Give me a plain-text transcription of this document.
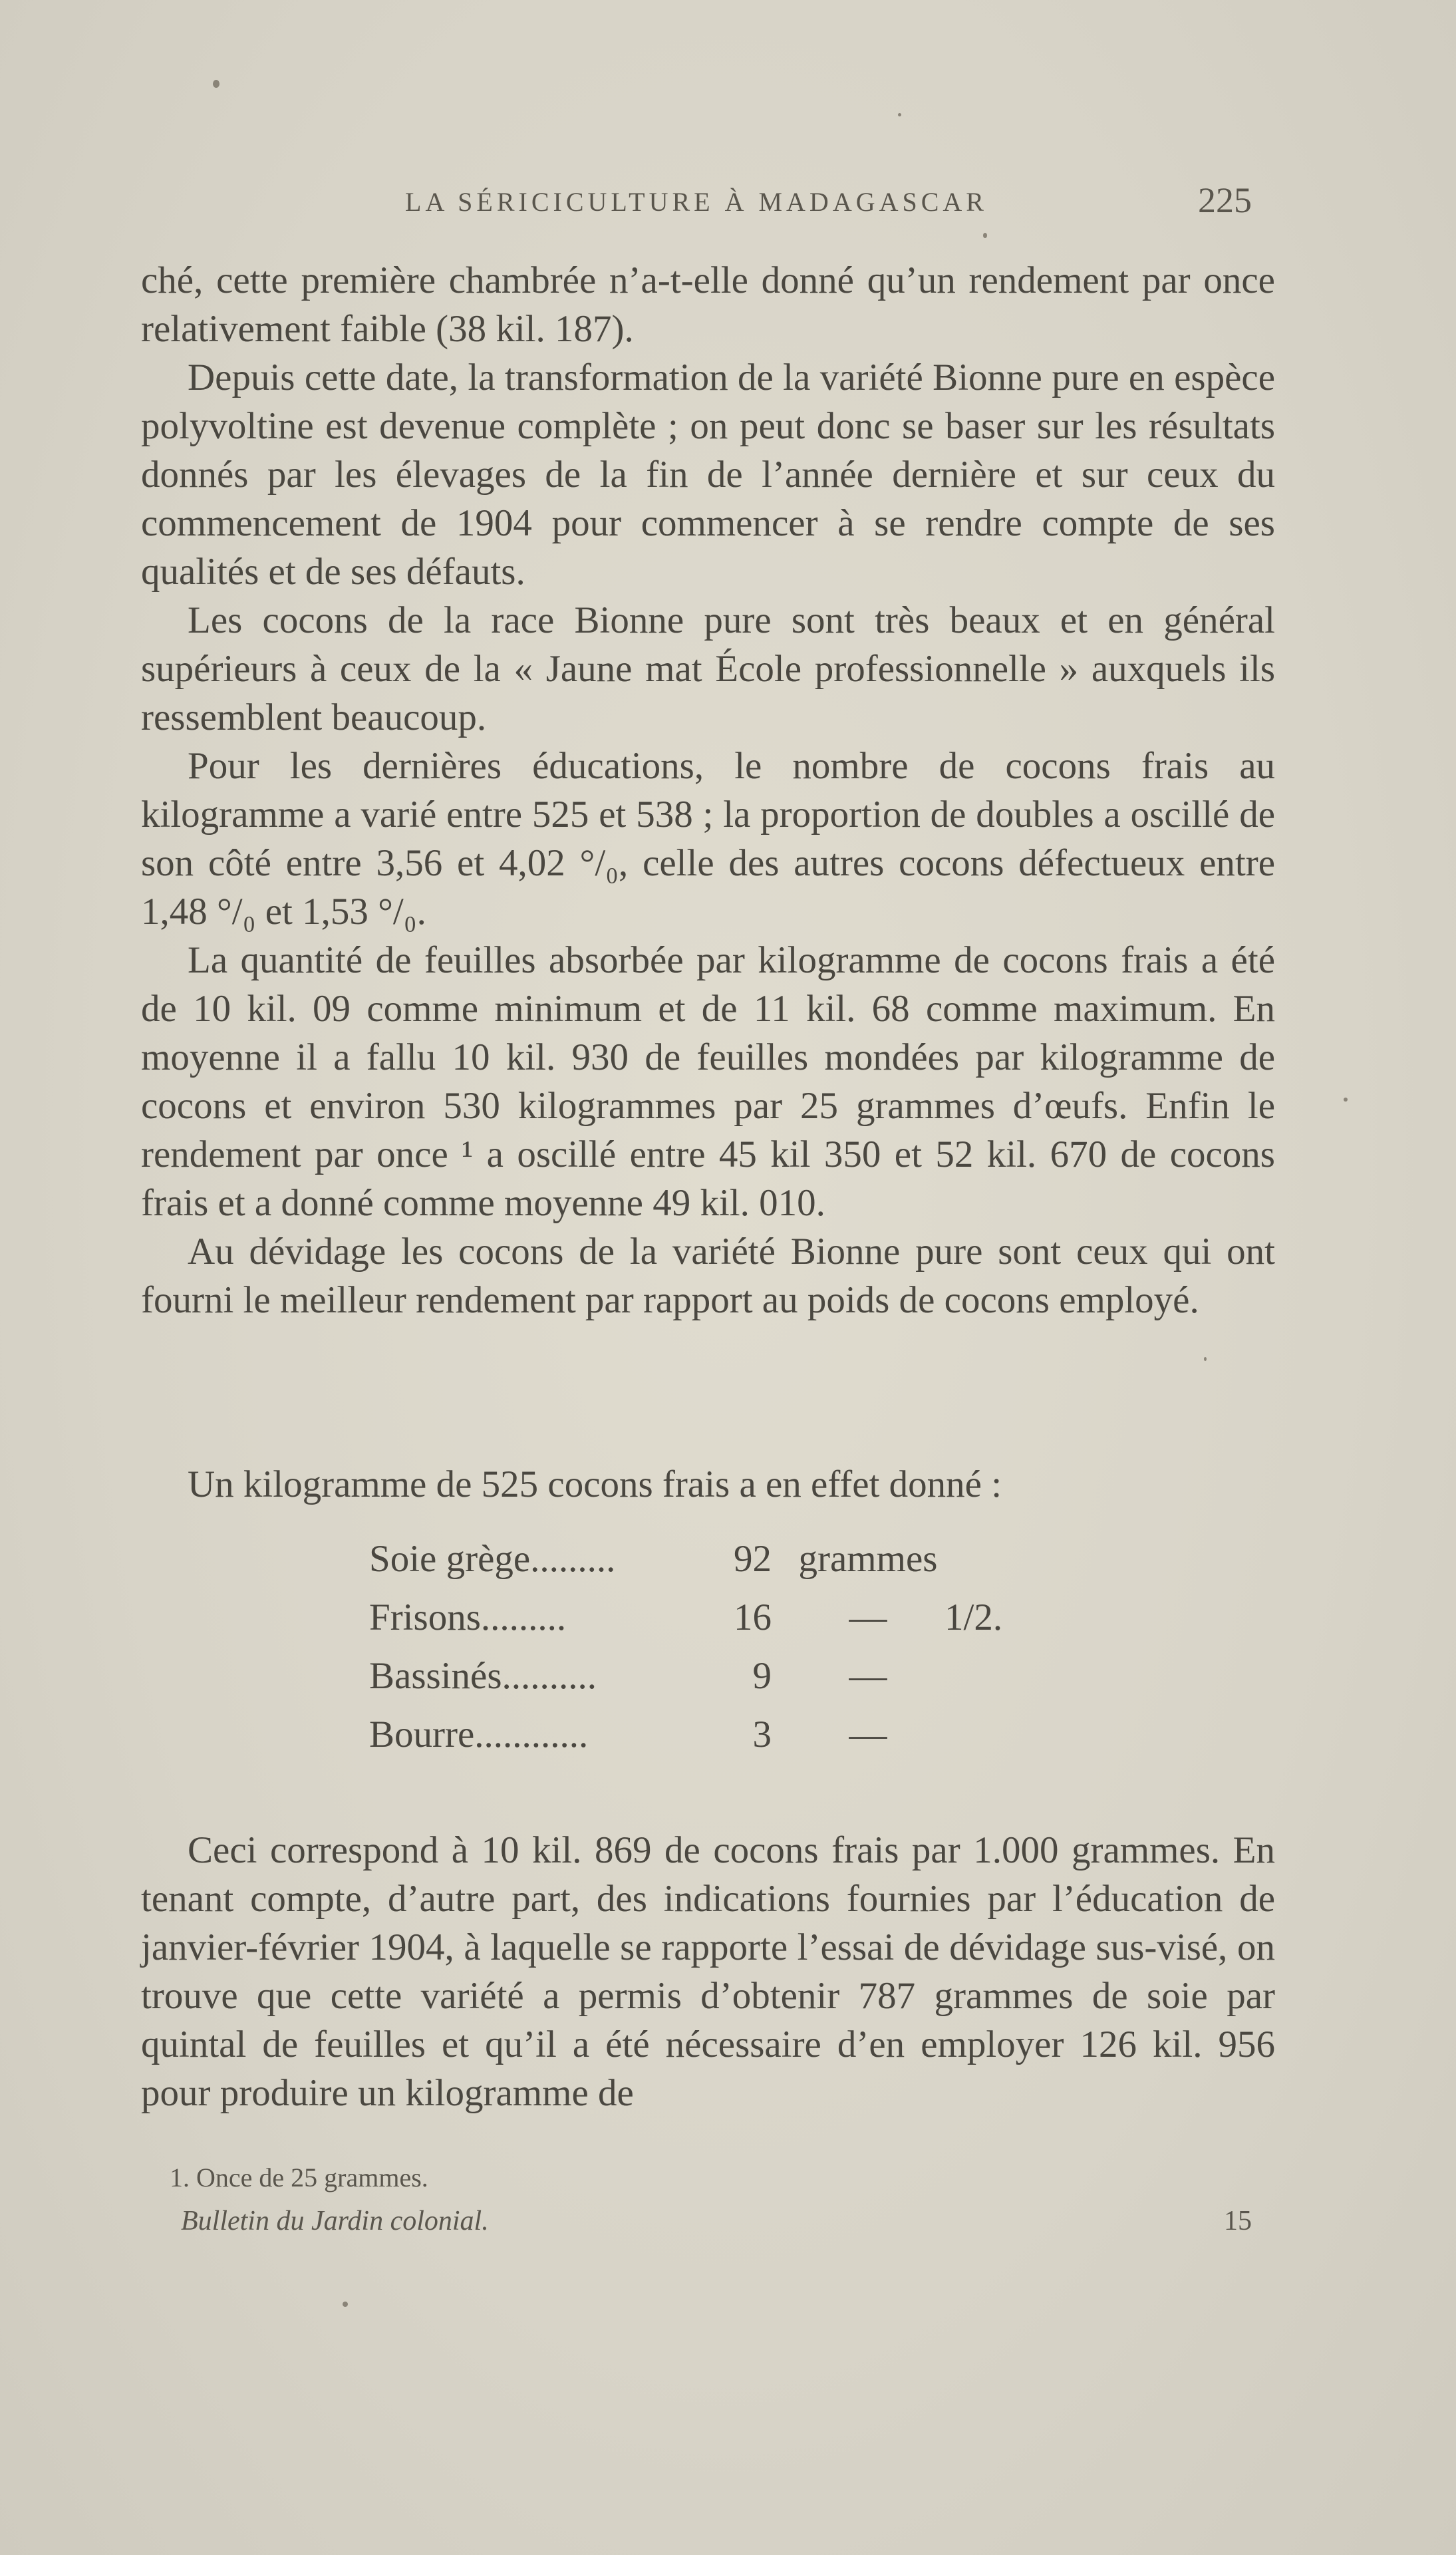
LA SÉRICICULTURE À MADAGASCAR	225

ché, cette première chambrée n’a-t-elle donné qu’un rendement par once relativement faible (38 kil. 187).

Depuis cette date, la transformation de la variété Bionne pure en espèce polyvoltine est devenue complète ; on peut donc se baser sur les résultats donnés par les élevages de la fin de l’année dernière et sur ceux du commencement de 1904 pour commencer à se rendre compte de ses qualités et de ses défauts.

Les cocons de la race Bionne pure sont très beaux et en général supérieurs à ceux de la « Jaune mat École professionnelle » auxquels ils ressemblent beaucoup.

Pour les dernières éducations, le nombre de cocons frais au kilogramme a varié entre 525 et 538 ; la proportion de doubles a oscillé de son côté entre 3,56 et 4,02 °/₀, celle des autres cocons défectueux entre 1,48 °/₀ et 1,53 °/₀.

La quantité de feuilles absorbée par kilogramme de cocons frais a été de 10 kil. 09 comme minimum et de 11 kil. 68 comme maximum. En moyenne il a fallu 10 kil. 930 de feuilles mondées par kilogramme de cocons et environ 530 kilogrammes par 25 grammes d’œufs. Enfin le rendement par once ¹ a oscillé entre 45 kil 350 et 52 kil. 670 de cocons frais et a donné comme moyenne 49 kil. 010.

Au dévidage les cocons de la variété Bionne pure sont ceux qui ont fourni le meilleur rendement par rapport au poids de cocons employé.

Un kilogramme de 525 cocons frais a en effet donné :
Soie grège.........	92	grammes	
Frisons.........	16	—	1/2.
Bassinés..........	9	—	
Bourre............	3	—	

Ceci correspond à 10 kil. 869 de cocons frais par 1.000 grammes. En tenant compte, d’autre part, des indications fournies par l’éducation de janvier-février 1904, à laquelle se rapporte l’essai de dévidage sus-visé, on trouve que cette variété a permis d’obtenir 787 grammes de soie par quintal de feuilles et qu’il a été nécessaire d’en employer 126 kil. 956 pour produire un kilogramme de

1. Once de 25 grammes.
Bulletin du Jardin colonial.	15
